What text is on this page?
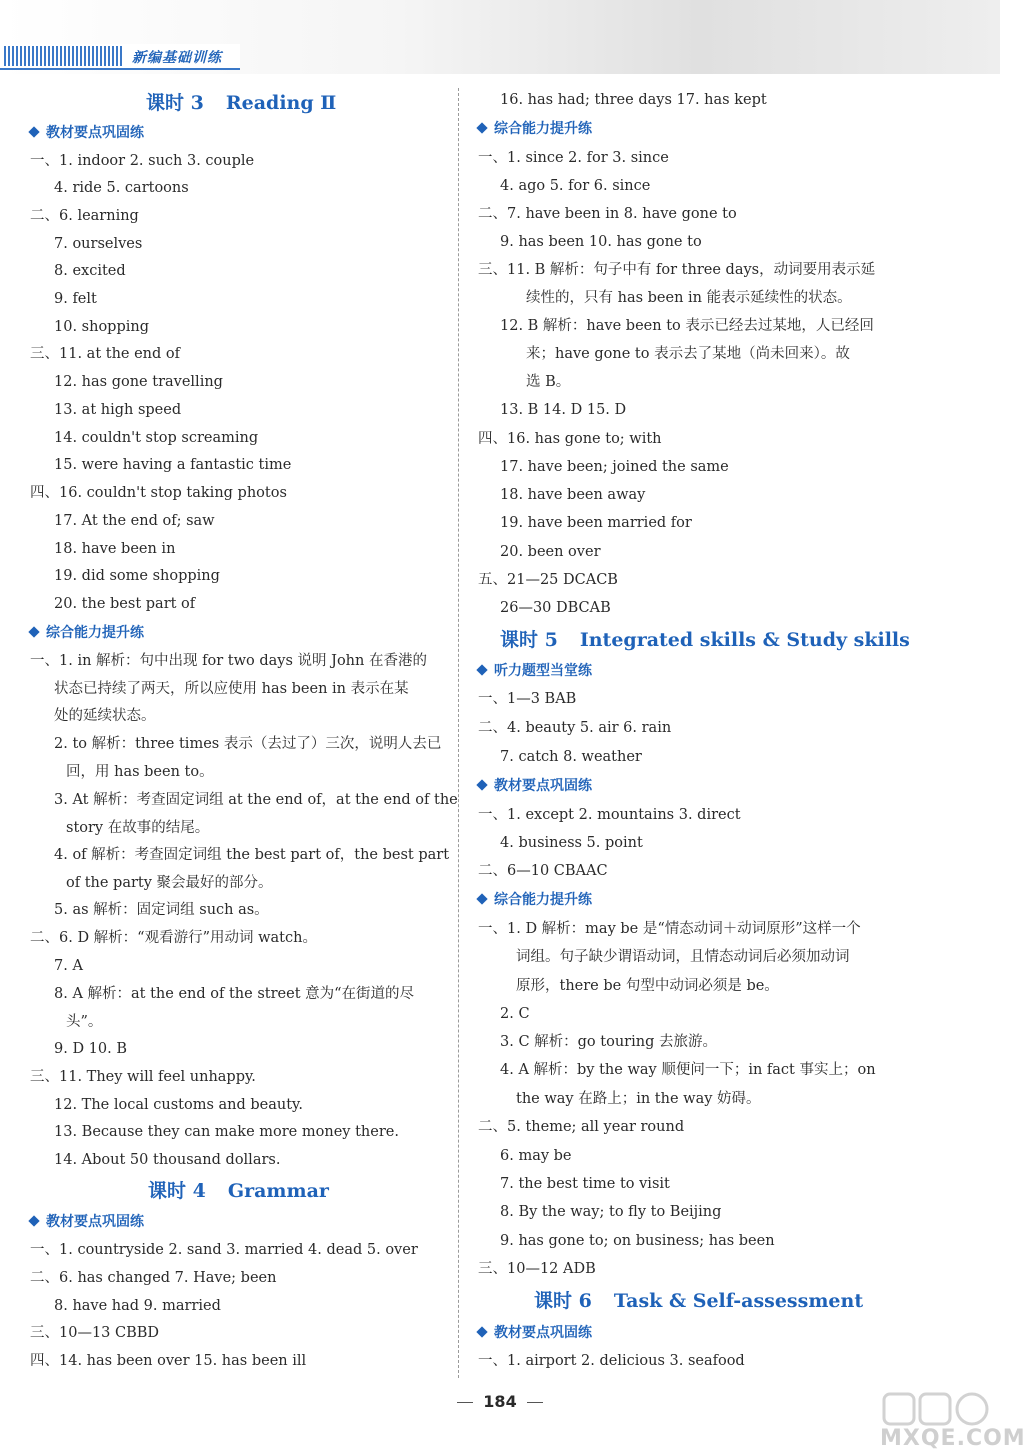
新编基础训练
课时 3 Reading Ⅱ
教材要点巩固练
一、1. indoor 2. such 3. couple
4. ride 5. cartoons
二、6. learning
7. ourselves
8. excited
9. felt
10. shopping
三、11. at the end of
12. has gone travelling
13. at high speed
14. couldn't stop screaming
15. were having a fantastic time
四、16. couldn't stop taking photos
17. At the end of; saw
18. have been in
19. did some shopping
20. the best part of
综合能力提升练
一、1. in 解析：句中出现 for two days 说明 John 在香港的
状态已持续了两天，所以应使用 has been in 表示在某
处的延续状态。
2. to 解析：three times 表示（去过了）三次，说明人去已
回，用 has been to。
3. At 解析：考查固定词组 at the end of，at the end of the
story 在故事的结尾。
4. of 解析：考查固定词组 the best part of，the best part
of the party 聚会最好的部分。
5. as 解析：固定词组 such as。
二、6. D 解析：“观看游行”用动词 watch。
7. A
8. A 解析：at the end of the street 意为“在街道的尽
头”。
9. D 10. B
三、11. They will feel unhappy.
12. The local customs and beauty.
13. Because they can make more money there.
14. About 50 thousand dollars.
课时 4 Grammar
教材要点巩固练
一、1. countryside 2. sand 3. married 4. dead 5. over
二、6. has changed 7. Have; been
8. have had 9. married
三、10—13 CBBD
四、14. has been over 15. has been ill
16. has had; three days 17. has kept
综合能力提升练
一、1. since 2. for 3. since
4. ago 5. for 6. since
二、7. have been in 8. have gone to
9. has been 10. has gone to
三、11. B 解析：句子中有 for three days，动词要用表示延
续性的，只有 has been in 能表示延续性的状态。
12. B 解析：have been to 表示已经去过某地，人已经回
来；have gone to 表示去了某地（尚未回来）。故
选 B。
13. B 14. D 15. D
四、16. has gone to; with
17. have been; joined the same
18. have been away
19. have been married for
20. been over
五、21—25 DCACB
26—30 DBCAB
课时 5 Integrated skills & Study skills
听力题型当堂练
一、1—3 BAB
二、4. beauty 5. air 6. rain
7. catch 8. weather
教材要点巩固练
一、1. except 2. mountains 3. direct
4. business 5. point
二、6—10 CBAAC
综合能力提升练
一、1. D 解析：may be 是“情态动词＋动词原形”这样一个
词组。句子缺少谓语动词，且情态动词后必须加动词
原形，there be 句型中动词必须是 be。
2. C
3. C 解析：go touring 去旅游。
4. A 解析：by the way 顺便问一下；in fact 事实上；on
the way 在路上；in the way 妨碍。
二、5. theme; all year round
6. may be
7. the best time to visit
8. By the way; to fly to Beijing
9. has gone to; on business; has been
三、10—12 ADB
课时 6 Task & Self-assessment
教材要点巩固练
一、1. airport 2. delicious 3. seafood
184
MXQE.COM
